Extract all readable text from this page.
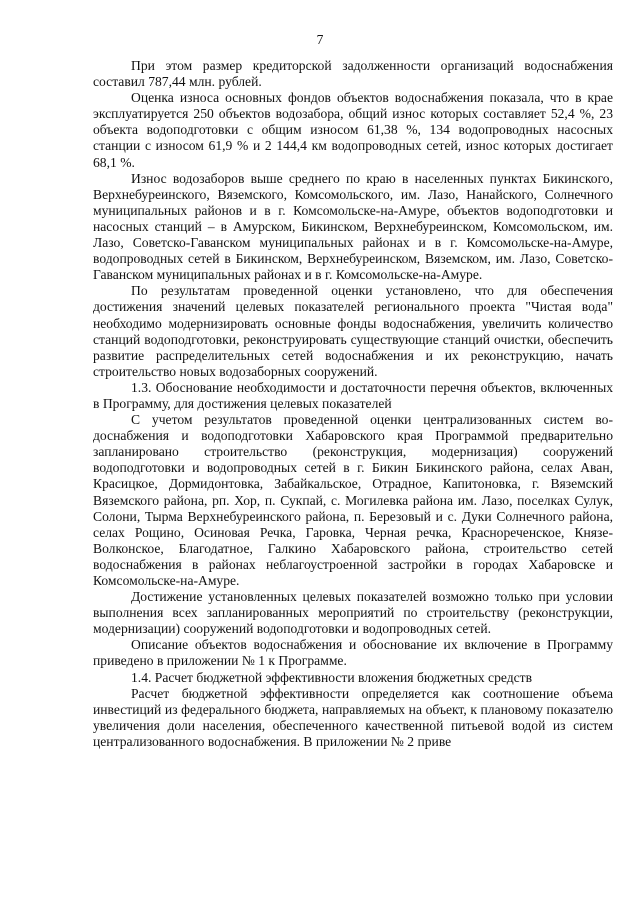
7

При этом размер кредиторской задолженности организаций водоснабжения составил 787,44 млн. рублей.

Оценка износа основных фондов объектов водоснабжения показала, что в крае эксплуатируется 250 объектов водозабора, общий износ которых составляет 52,4 %, 23 объекта водоподготовки с общим износом 61,38 %, 134 водопроводных насосных станции с износом 61,9 % и 2 144,4 км водопроводных сетей, износ которых достигает 68,1 %.

Износ водозаборов выше среднего по краю в населенных пунктах Бикинского, Верхнебуреинского, Вяземского, Комсомольского, им. Лазо, Нанайского, Солнечного муниципальных районов и в г. Комсомольске-на-Амуре, объектов водоподготовки и насосных станций – в Амурском, Бикинском, Верхнебуреинском, Комсомольском, им. Лазо, Советско-Гаванском муниципальных районах и в г. Комсомольске-на-Амуре, водопроводных сетей в Бикинском, Верхнебуреинском, Вяземском, им. Лазо, Советско-Гаванском муниципальных районах и в г. Комсомольске-на-Амуре.

По результатам проведенной оценки установлено, что для обеспечения достижения значений целевых показателей регионального проекта "Чистая вода" необходимо модернизировать основные фонды водоснабжения, увеличить количество станций водоподготовки, реконструировать существующие станций очистки, обеспечить развитие распределительных сетей водоснабжения и их реконструкцию, начать строительство новых водозаборных сооружений.

1.3. Обоснование необходимости и достаточности перечня объектов, включенных в Программу, для достижения целевых показателей

С учетом результатов проведенной оценки централизованных систем водоснабжения и водоподготовки Хабаровского края Программой предварительно запланировано строительство (реконструкция, модернизация) сооружений водоподготовки и водопроводных сетей в г. Бикин Бикинского района, селах Аван, Красицкое, Дормидонтовка, Забайкальское, Отрадное, Капитоновка, г. Вяземский Вяземского района, рп. Хор, п. Сукпай, с. Могилевка района им. Лазо, поселках Сулук, Солони, Тырма Верхнебуреинского района, п. Березовый и с. Дуки Солнечного района, селах Рощино, Осиновая Речка, Гаровка, Черная речка, Краснореченское, Князе-Волконское, Благодатное, Галкино Хабаровского района, строительство сетей водоснабжения в районах неблагоустроенной застройки в городах Хабаровске и Комсомольске-на-Амуре.

Достижение установленных целевых показателей возможно только при условии выполнения всех запланированных мероприятий по строительству (реконструкции, модернизации) сооружений водоподготовки и водопроводных сетей.

Описание объектов водоснабжения и обоснование их включение в Программу приведено в приложении № 1 к Программе.

1.4. Расчет бюджетной эффективности вложения бюджетных средств

Расчет бюджетной эффективности определяется как соотношение объема инвестиций из федерального бюджета, направляемых на объект, к плановому показателю увеличения доли населения, обеспеченного качественной питьевой водой из систем централизованного водоснабжения. В приложении № 2 приве
